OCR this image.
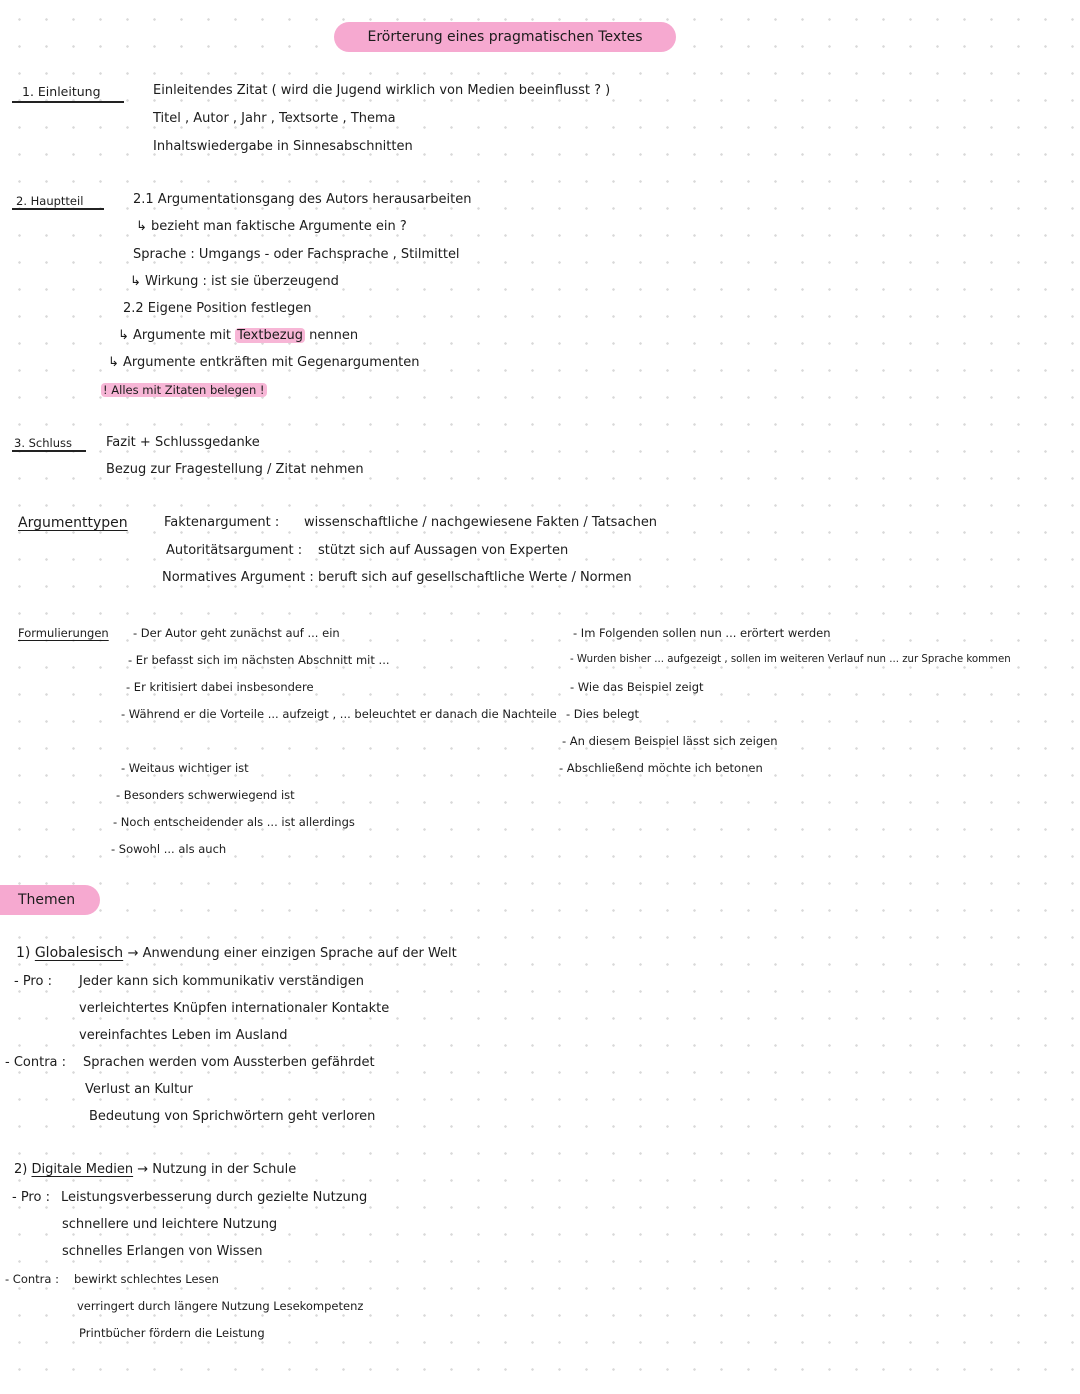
Erörterung eines pragmatischen Textes
1. Einleitung	Einleitendes Zitat ( wird die Jugend wirklich von Medien beeinflusst ? )
Titel , Autor , Jahr , Textsorte , Thema
Inhaltswiedergabe in Sinnesabschnitten
2. Hauptteil	2.1 Argumentationsgang des Autors herausarbeiten
↳ bezieht man faktische Argumente ein ?
Sprache : Umgangs - oder Fachsprache , Stilmittel
↳ Wirkung : ist sie überzeugend
2.2 Eigene Position festlegen
↳ Argumente mit Textbezug nennen
↳ Argumente entkräften mit Gegenargumenten
! Alles mit Zitaten belegen !
3. Schluss	Fazit + Schlussgedanke
Bezug zur Fragestellung / Zitat nehmen
Argumenttypen	Faktenargument : wissenschaftliche / nachgewiesene Fakten / Tatsachen
Autoritätsargument : stützt sich auf Aussagen von Experten
Normatives Argument : beruft sich auf gesellschaftliche Werte / Normen
Formulierungen - Der Autor geht zunächst auf ... ein
- Er befasst sich im nächsten Abschnitt mit ...
- Er kritisiert dabei insbesondere
- Während er die Vorteile ... aufzeigt , ... beleuchtet er danach die Nachteile
- Weitaus wichtiger ist
- Besonders schwerwiegend ist
- Noch entscheidender als ... ist allerdings
- Sowohl ... als auch
- Im Folgenden sollen nun ... erörtert werden
- Wurden bisher ... aufgezeigt , sollen im weiteren Verlauf nun ... zur Sprache kommen
- Wie das Beispiel zeigt
- Dies belegt
- An diesem Beispiel lässt sich zeigen
- Abschließend möchte ich betonen
Themen
1) Globalesisch → Anwendung einer einzigen Sprache auf der Welt
- Pro : Jeder kann sich kommunikativ verständigen
verleichtertes Knüpfen internationaler Kontakte
vereinfachtes Leben im Ausland
- Contra : Sprachen werden vom Aussterben gefährdet
Verlust an Kultur
Bedeutung von Sprichwörtern geht verloren
2) Digitale Medien → Nutzung in der Schule
- Pro : Leistungsverbesserung durch gezielte Nutzung
schnellere und leichtere Nutzung
schnelles Erlangen von Wissen
- Contra : bewirkt schlechtes Lesen
verringert durch längere Nutzung Lesekompetenz
Printbücher fördern die Leistung
